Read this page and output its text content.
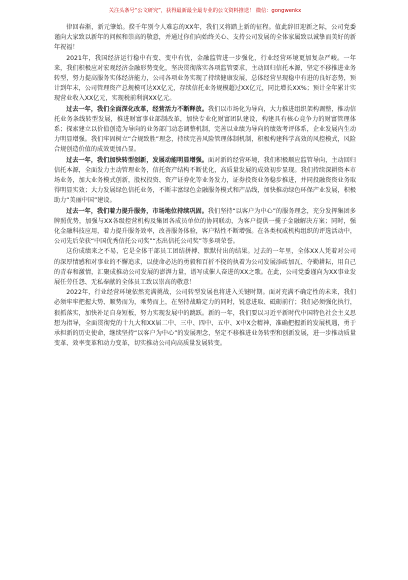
关注头条号“公文研究”，获得最新最全最专业的公文资料推送！ 微信：gongwenkx

律回春渐，新元肇始。揆千年别令人难忘的XX年，我们又将踏上新的征程。值此辞旧迎新之际，公司党委谨向大家致以新年的问候和崇高的敬意，并通过你们向始终关心、支持公司发展的全体家属致以诚挚而美好的新年祝福！

2021年，我国经济运行稳中有变、变中有忧，金融监管进一步强化，行业经营环境更加复杂严峻。一年来，我们积极应对宏观经济金融形势变化，坚决贯彻落实各项监管要求，主动回归信托本源，坚定不移推进业务转型，努力提高服务实体经济能力，公司各项业务实现了持续健康发展，总体经营呈现稳中有进的良好态势，预计到年末，公司管理资产总规模可达XX亿元，存续信托业务规模超过XX亿元，同比增长XX%；预计全年累计实现营业收入XX亿元，实现税前利润XX亿元。

过去一年，我们全面深化改革，经营活力不断释放。我们以市场化为导向，大力推进组织架构调整，推动信托业务条线转型发展，推进财富事业部制改革，加快专业化财富团队建设，构建具有核心竞争力的财富管理体系；探索建立以价值创造为导向的业务部门动态调整机制，完善以业绩为导向的绩效考评体系，企业发展内生动力明显增强。我们牢固树立“合规致胜”理念，持续完善风险管理体制机制，积极构建科学高效的风控模式，风险合规创造价值的成效更加凸显。

过去一年，我们加快转型创新，发展动能明显增强。面对新的经营环境，我们积极顺应监管导向，主动回归信托本源，全面发力主动管理业务，信托资产结构不断优化，高质量发展的成效初步显现。我们持续深耕资本市场业务，加大业务模式创新，股权投资、资产证券化等业务发力，证券投资业务稳步推进，并同投融资资业务取得明显实效；大力发展绿色信托业务，不断丰富绿色金融服务模式和产品线，加快推动绿色环保产业发展，积极助力“美丽中国”建设。

过去一年，我们着力提升服务，市场地位持续巩固。我们坚持“以客户为中心”的服务理念，充分发挥集团多牌照优势，加强与XX各级控营机构及集团各成员单位的协同联动，为客户提供一揽子金融解决方案；同时，强化金融科技应用，着力提升服务效率，改善服务体验，客户粘性不断增强。在各类权威机构组织的评选活动中，公司先后荣获“中国优秀信托公司奖”“杰出信托公司奖”等多项荣誉。

这份成绩来之不易，它是全体干部员工团结拼搏、默默付出的结果。过去的一年里，全体XX人凭着对公司的深厚情感和对事业的不懈追求，以使命必达的勇毅和百折不挠的执着为公司发展添砖加瓦、夺勤耕耘，用自己的青春和激情，汇聚成推动公司发展的澎湃力量，谱写成催人奋进的XX之歌。在此，公司党委谨向为XX事业发展任劳任怨、无私奉献的全体员工致以崇高的敬意！

2022年，行业经营环境依然充满挑战，公司转型发展也将进入关键时期。面对充满不确定性的未来，我们必须牢牢把握大势、顺势而为，乘势而上，在坚持战略定力的同时，锐意进取、砥砺前行；我们必须强化执行，狠抓落实，加快补足自身短板，努力实现发展中的跳跃。新的一年，我们要以习近平新时代中国特色社会主义思想为指导，全面贯彻党的十九大和XX届二中、三中、四中、五中、X中X会精神，准确把握新的发展机遇，勇于承担新的历史使命，继续坚持“以客户为中心”的发展理念，坚定不移推进业务转型和创新发展，进一步推动质量变革、效率变革和动力变革，切实推动公司向高质量发展转变。
